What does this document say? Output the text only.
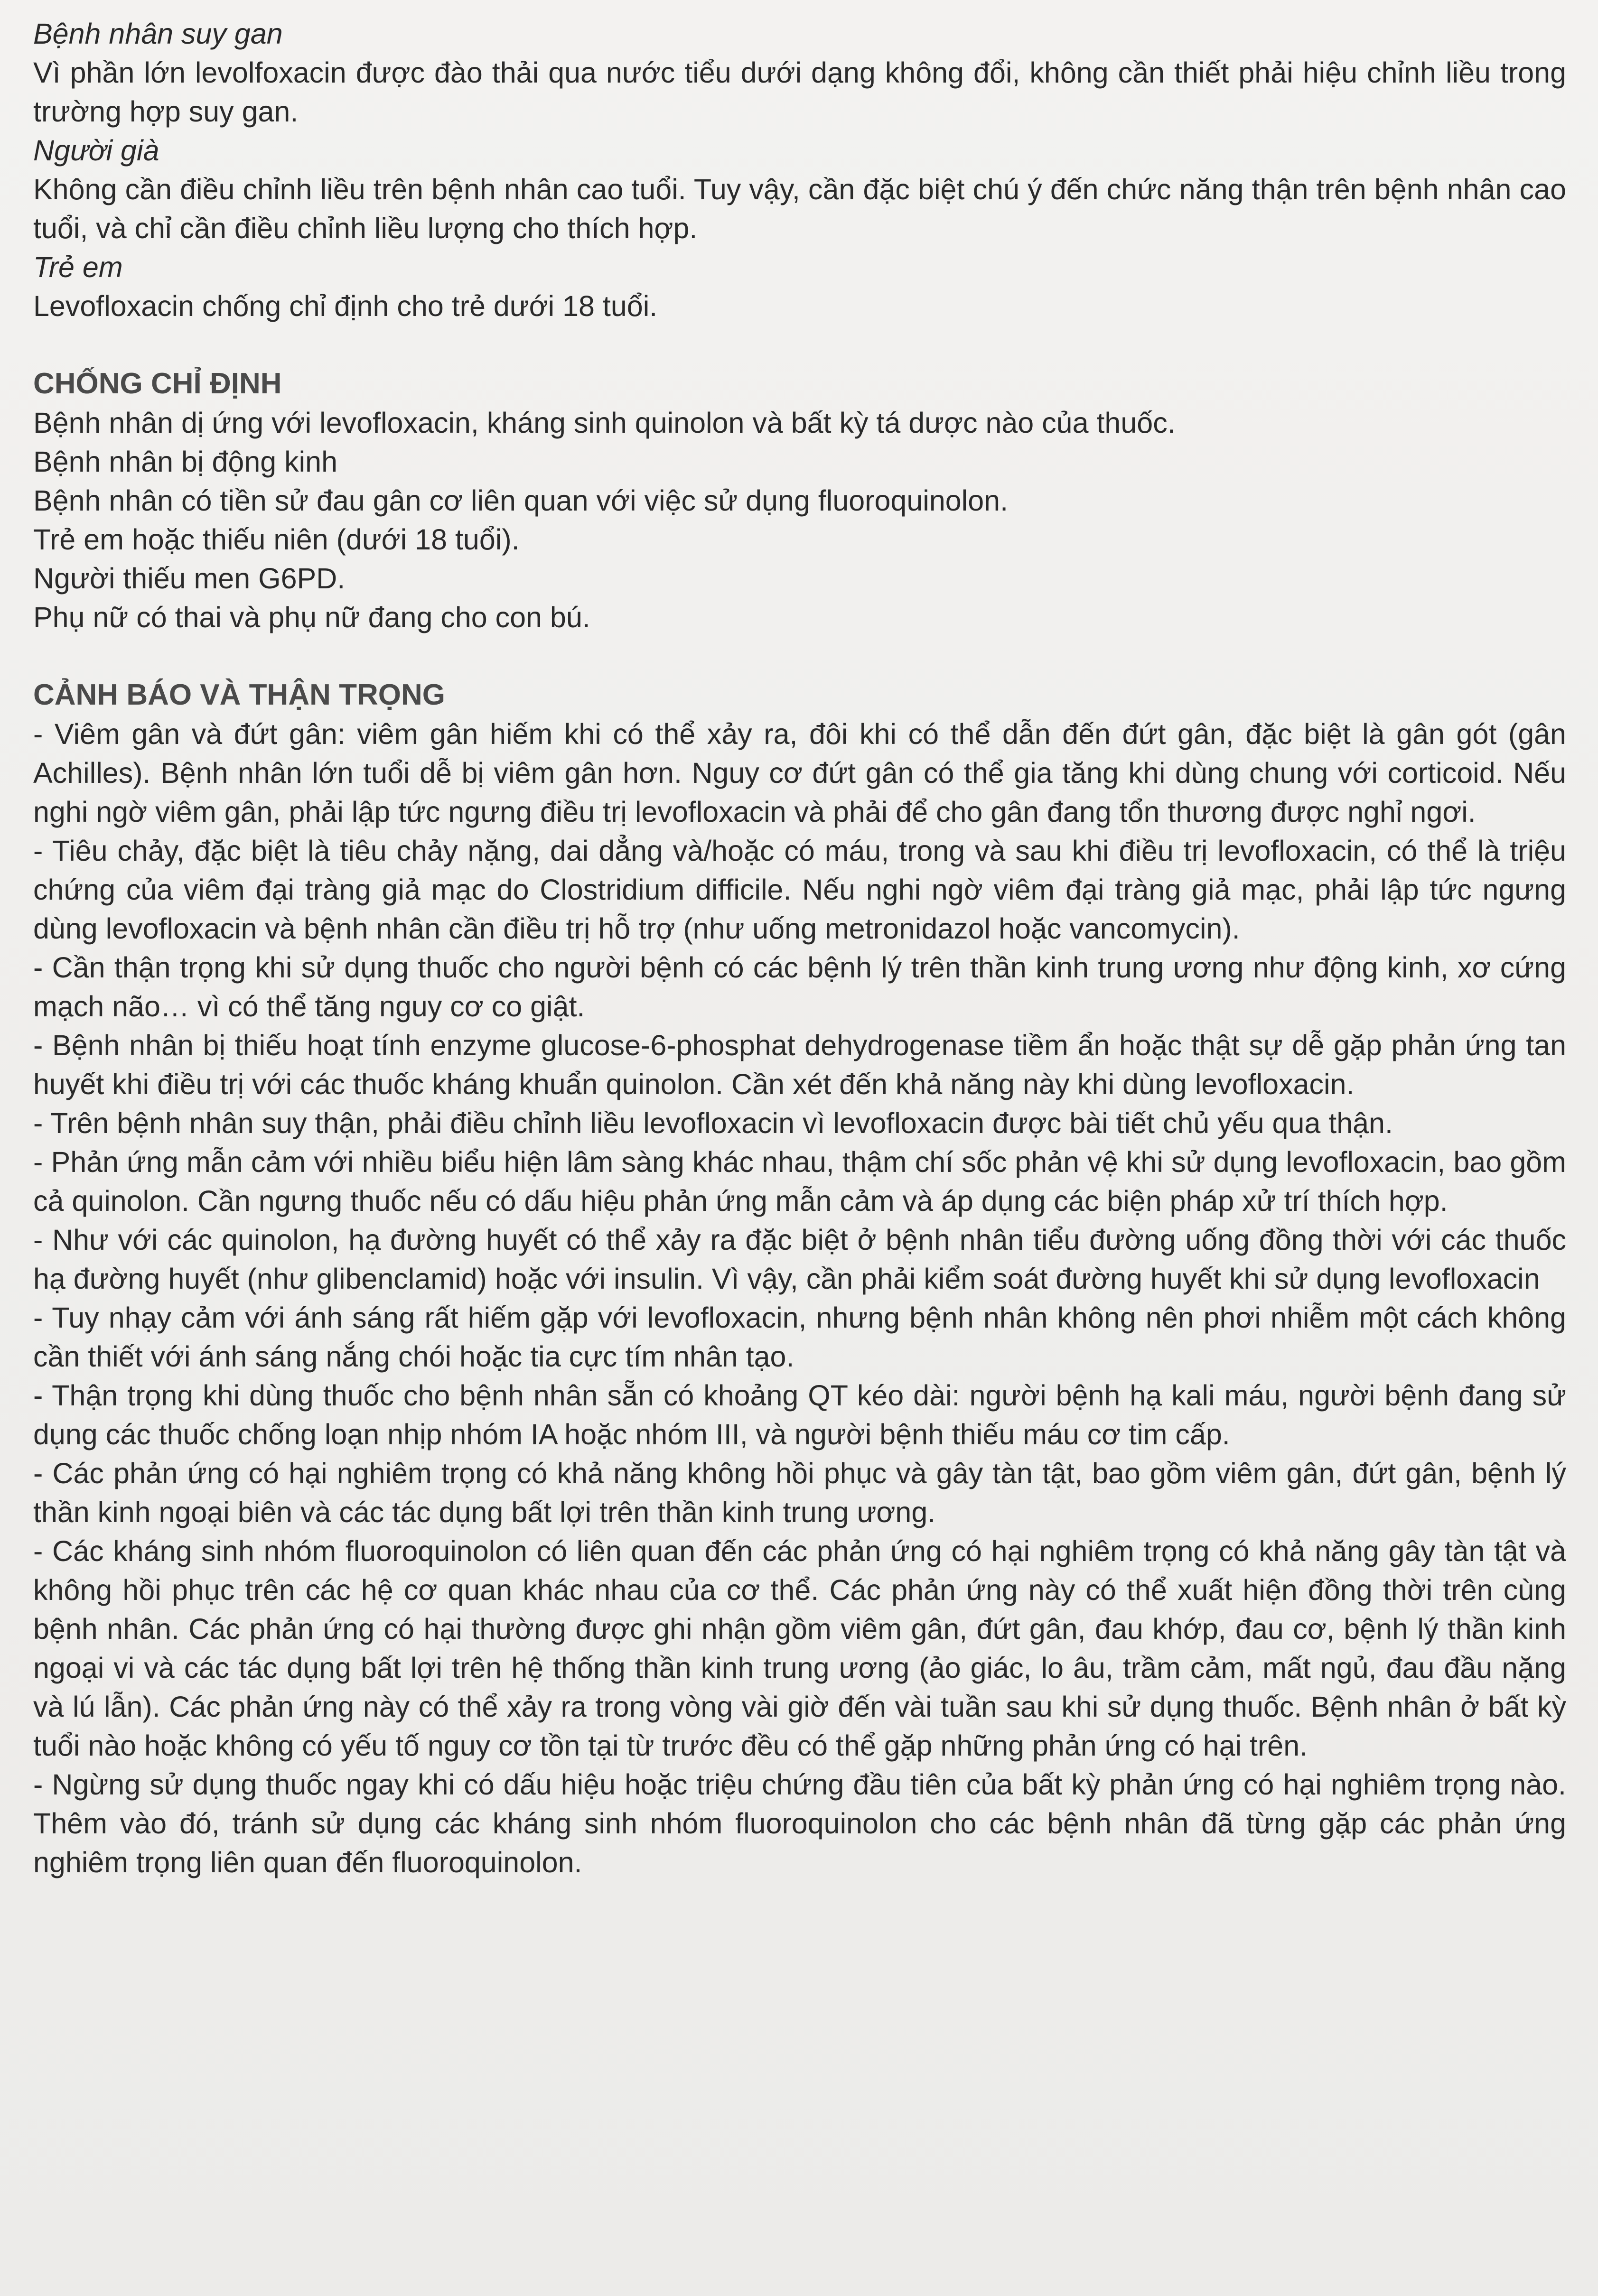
Bệnh nhân suy gan

Vì phần lớn levolfoxacin được đào thải qua nước tiểu dưới dạng không đổi, không cần thiết phải hiệu chỉnh liều trong trường hợp suy gan.

Người già

Không cần điều chỉnh liều trên bệnh nhân cao tuổi. Tuy vậy, cần đặc biệt chú ý đến chức năng thận trên bệnh nhân cao tuổi, và chỉ cần điều chỉnh liều lượng cho thích hợp.

Trẻ em

Levofloxacin chống chỉ định cho trẻ dưới 18 tuổi.

CHỐNG CHỈ ĐỊNH

Bệnh nhân dị ứng với levofloxacin, kháng sinh quinolon và bất kỳ tá dược nào của thuốc.

Bệnh nhân bị động kinh

Bệnh nhân có tiền sử đau gân cơ liên quan với việc sử dụng fluoroquinolon.

Trẻ em hoặc thiếu niên (dưới 18 tuổi).

Người thiếu men G6PD.

Phụ nữ có thai và phụ nữ đang cho con bú.

CẢNH BÁO VÀ THẬN TRỌNG

- Viêm gân và đứt gân: viêm gân hiếm khi có thể xảy ra, đôi khi có thể dẫn đến đứt gân, đặc biệt là gân gót (gân Achilles). Bệnh nhân lớn tuổi dễ bị viêm gân hơn. Nguy cơ đứt gân có thể gia tăng khi dùng chung với corticoid. Nếu nghi ngờ viêm gân, phải lập tức ngưng điều trị levofloxacin và phải để cho gân đang tổn thương được nghỉ ngơi.

- Tiêu chảy, đặc biệt là tiêu chảy nặng, dai dẳng và/hoặc có máu, trong và sau khi điều trị levofloxacin, có thể là triệu chứng của viêm đại tràng giả mạc do Clostridium difficile. Nếu nghi ngờ viêm đại tràng giả mạc, phải lập tức ngưng dùng levofloxacin và bệnh nhân cần điều trị hỗ trợ (như uống metronidazol hoặc vancomycin).

- Cần thận trọng khi sử dụng thuốc cho người bệnh có các bệnh lý trên thần kinh trung ương như động kinh, xơ cứng mạch não… vì có thể tăng nguy cơ co giật.

- Bệnh nhân bị thiếu hoạt tính enzyme glucose-6-phosphat dehydrogenase tiềm ẩn hoặc thật sự dễ gặp phản ứng tan huyết khi điều trị với các thuốc kháng khuẩn quinolon. Cần xét đến khả năng này khi dùng levofloxacin.

- Trên bệnh nhân suy thận, phải điều chỉnh liều levofloxacin vì levofloxacin được bài tiết chủ yếu qua thận.

- Phản ứng mẫn cảm với nhiều biểu hiện lâm sàng khác nhau, thậm chí sốc phản vệ khi sử dụng levofloxacin, bao gồm cả quinolon. Cần ngưng thuốc nếu có dấu hiệu phản ứng mẫn cảm và áp dụng các biện pháp xử trí thích hợp.

- Như với các quinolon, hạ đường huyết có thể xảy ra đặc biệt ở bệnh nhân tiểu đường uống đồng thời với các thuốc hạ đường huyết (như glibenclamid) hoặc với insulin. Vì vậy, cần phải kiểm soát đường huyết khi sử dụng levofloxacin

- Tuy nhạy cảm với ánh sáng rất hiếm gặp với levofloxacin, nhưng bệnh nhân không nên phơi nhiễm một cách không cần thiết với ánh sáng nắng chói hoặc tia cực tím nhân tạo.

- Thận trọng khi dùng thuốc cho bệnh nhân sẵn có khoảng QT kéo dài: người bệnh hạ kali máu, người bệnh đang sử dụng các thuốc chống loạn nhịp nhóm IA hoặc nhóm III, và người bệnh thiếu máu cơ tim cấp.

- Các phản ứng có hại nghiêm trọng có khả năng không hồi phục và gây tàn tật, bao gồm viêm gân, đứt gân, bệnh lý thần kinh ngoại biên và các tác dụng bất lợi trên thần kinh trung ương.

- Các kháng sinh nhóm fluoroquinolon có liên quan đến các phản ứng có hại nghiêm trọng có khả năng gây tàn tật và không hồi phục trên các hệ cơ quan khác nhau của cơ thể. Các phản ứng này có thể xuất hiện đồng thời trên cùng bệnh nhân. Các phản ứng có hại thường được ghi nhận gồm viêm gân, đứt gân, đau khớp, đau cơ, bệnh lý thần kinh ngoại vi và các tác dụng bất lợi trên hệ thống thần kinh trung ương (ảo giác, lo âu, trầm cảm, mất ngủ, đau đầu nặng và lú lẫn). Các phản ứng này có thể xảy ra trong vòng vài giờ đến vài tuần sau khi sử dụng thuốc. Bệnh nhân ở bất kỳ tuổi nào hoặc không có yếu tố nguy cơ tồn tại từ trước đều có thể gặp những phản ứng có hại trên.

- Ngừng sử dụng thuốc ngay khi có dấu hiệu hoặc triệu chứng đầu tiên của bất kỳ phản ứng có hại nghiêm trọng nào. Thêm vào đó, tránh sử dụng các kháng sinh nhóm fluoroquinolon cho các bệnh nhân đã từng gặp các phản ứng nghiêm trọng liên quan đến fluoroquinolon.
